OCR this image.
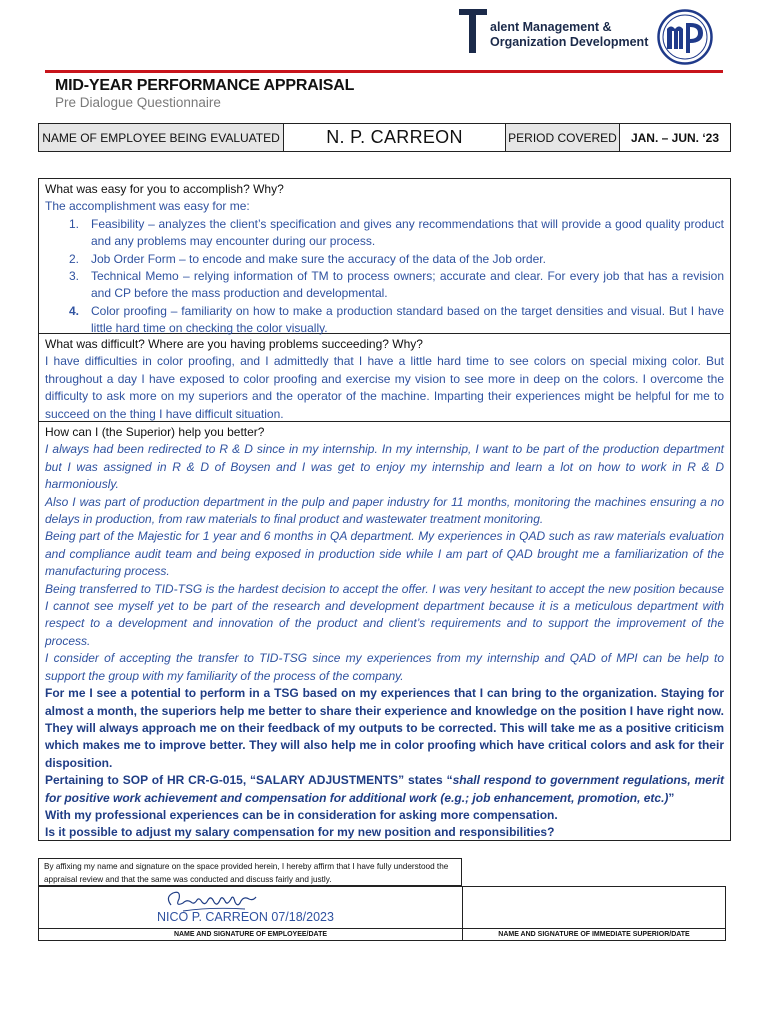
alent Management &
Organization Development
MID-YEAR PERFORMANCE APPRAISAL
Pre Dialogue Questionnaire
NAME OF EMPLOYEE BEING EVALUATED	N. P. CARREON	PERIOD COVERED	JAN. – JUN. ‘23
What was easy for you to accomplish? Why?
The accomplishment was easy for me:
1. Feasibility – analyzes the client’s specification and gives any recommendations that will provide a good quality product and any problems may encounter during our process.
2. Job Order Form – to encode and make sure the accuracy of the data of the Job order.
3. Technical Memo – relying information of TM to process owners; accurate and clear. For every job that has a revision and CP before the mass production and developmental.
4. Color proofing – familiarity on how to make a production standard based on the target densities and visual. But I have little hard time on checking the color visually.
What was difficult? Where are you having problems succeeding? Why?
I have difficulties in color proofing, and I admittedly that I have a little hard time to see colors on special mixing color. But throughout a day I have exposed to color proofing and exercise my vision to see more in deep on the colors. I overcome the difficulty to ask more on my superiors and the operator of the machine. Imparting their experiences might be helpful for me to succeed on the thing I have difficult situation.
How can I (the Superior) help you better?
I always had been redirected to R & D since in my internship. In my internship, I want to be part of the production department but I was assigned in R & D of Boysen and I was get to enjoy my internship and learn a lot on how to work in R & D harmoniously.
Also I was part of production department in the pulp and paper industry for 11 months, monitoring the machines ensuring a no delays in production, from raw materials to final product and wastewater treatment monitoring.
Being part of the Majestic for 1 year and 6 months in QA department. My experiences in QAD such as raw materials evaluation and compliance audit team and being exposed in production side while I am part of QAD brought me a familiarization of the manufacturing process.
Being transferred to TID-TSG is the hardest decision to accept the offer. I was very hesitant to accept the new position because I cannot see myself yet to be part of the research and development department because it is a meticulous department with respect to a development and innovation of the product and client’s requirements and to support the improvement of the process.
I consider of accepting the transfer to TID-TSG since my experiences from my internship and QAD of MPI can be help to support the group with my familiarity of the process of the company.
For me I see a potential to perform in a TSG based on my experiences that I can bring to the organization. Staying for almost a month, the superiors help me better to share their experience and knowledge on the position I have right now. They will always approach me on their feedback of my outputs to be corrected. This will take me as a positive criticism which makes me to improve better. They will also help me in color proofing which have critical colors and ask for their disposition.
Pertaining to SOP of HR CR-G-015, “SALARY ADJUSTMENTS” states “shall respond to government regulations, merit for positive work achievement and compensation for additional work (e.g.; job enhancement, promotion, etc.)”
With my professional experiences can be in consideration for asking more compensation.
Is it possible to adjust my salary compensation for my new position and responsibilities?
By affixing my name and signature on the space provided herein, I hereby affirm that I have fully understood the appraisal review and that the same was conducted and discuss fairly and justly.
NICO P. CARREON 07/18/2023
NAME AND SIGNATURE OF EMPLOYEE/DATE	NAME AND SIGNATURE OF IMMEDIATE SUPERIOR/DATE
